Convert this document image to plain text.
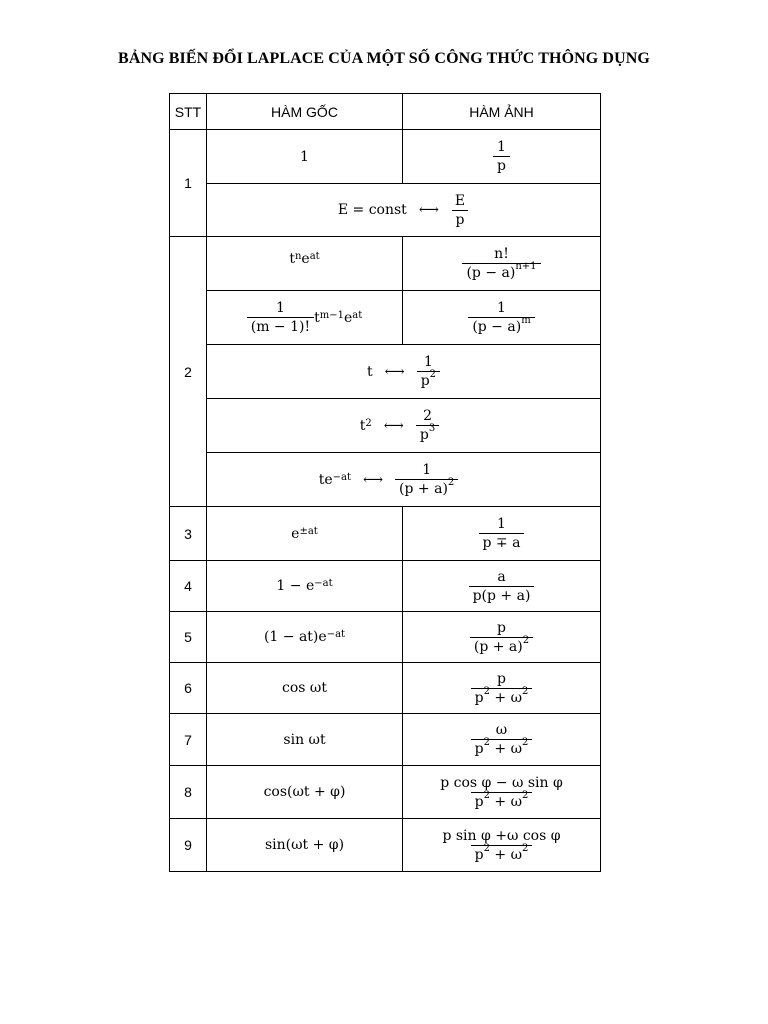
BẢNG BIẾN ĐỔI LAPLACE CỦA MỘT SỐ CÔNG THỨC THÔNG DỤNG
STT	HÀM GỐC	HÀM ẢNH
1
1	$\frac{1}{p}$
E = const ⟷ $\frac{E}{p}$
2
$t^n$ $e^{at}$	$\frac{n!}{(p - a)^{n+1}}$
$\frac{1}{(m - 1)!} t^{m-1}$ $e^{at}$	$\frac{1}{(p - a)^m}$
t ⟷ $\frac{1}{p^2}$
$t^2$ ⟷ $\frac{2}{p^3}$
$te^{-at}$ ⟷ $\frac{1}{(p + a)^2}$
3	$e^{\pm at}$	$\frac{1}{p \mp a}$
4	$1 - e^{-at}$	$\frac{a}{p(p + a)}$
5	$(1 - at)e^{-at}$	$\frac{p}{(p + a)^2}$
6	cos ωt	$\frac{p}{p^2 + \omega^2}$
7	sin ωt	$\frac{\omega}{p^2 + \omega^2}$
8	cos(ωt + φ)	$\frac{\text{p cos φ − ω sin φ}}{p^2 + \omega^2}$
9	sin(ωt + φ)	$\frac{\text{p sin φ +ω cos φ}}{p^2 + \omega^2}$
